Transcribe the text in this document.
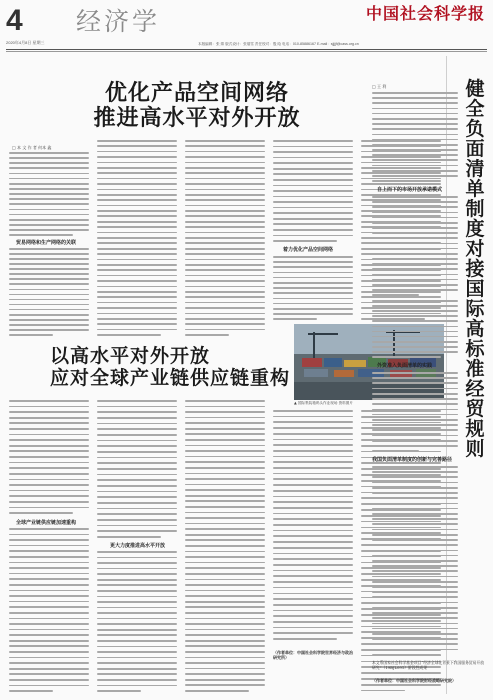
4
2020年4月8日 星期三
经济学	中国社会科学报
本版编辑：张 婧 版式设计：张瑞雪 责任校对：殷 晗 电话：010-85886167 E-mail：sjjjjf@cass.org.cn
优化产品空间网络
推进高水平对外开放
□ 本 文 作 者 何本 鑫
贸易网络和生产网络的关联
着力优化产品空间网络
以高水平对外开放
应对全球产业链供应链重构
全球产业链供应链加速重构
更大力度推进高水平开放
▲ 国际集装箱码头作业现场 资料图片
（作者单位：中国社会科学院世界经济与政治研究所）
健
全
负
面
清
单
制
度
对
接
国
际
高
标
准
经
贸
规
则
□ 王 利
自上而下的市场开放承诺模式
外资准入负面清单的实践
我国负面清单制度的创新与完善路径
本文系国家社会科学基金项目“经济全球化背景下我国服务贸易开放研究”（19BJL091）阶段性成果
（作者单位：中国社会科学院财经战略研究院）
